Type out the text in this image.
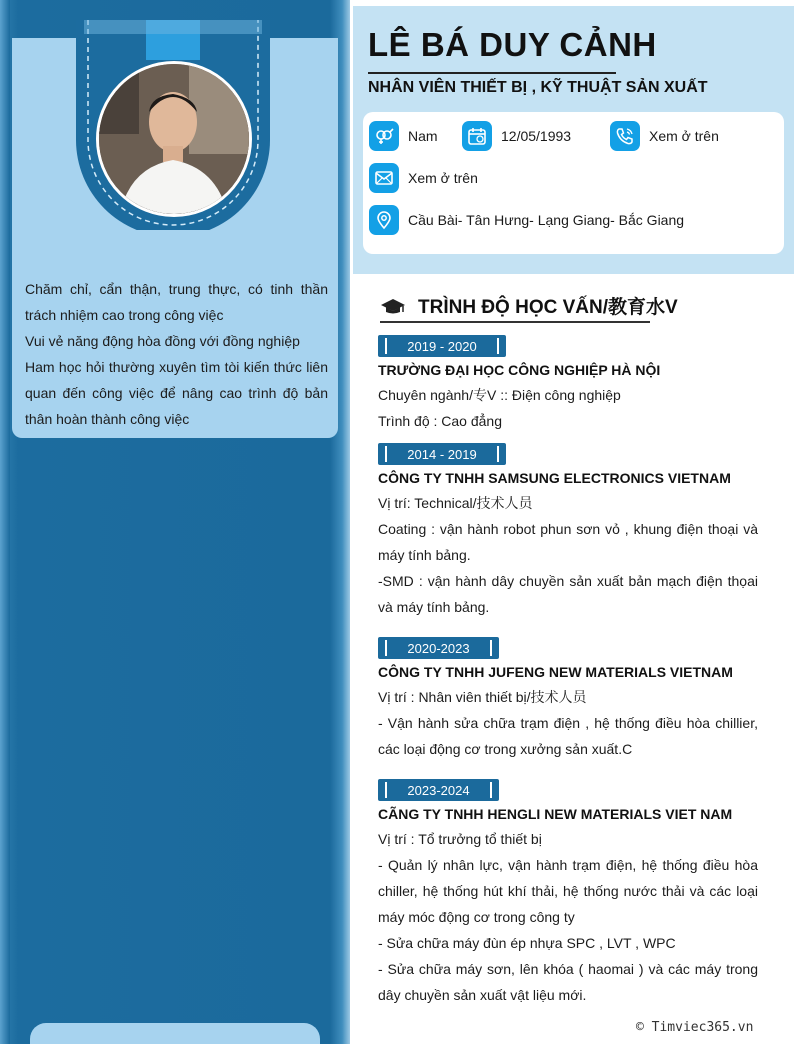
Chăm chỉ, cẩn thận, trung thực, có tinh thần trách nhiệm cao trong công việc

Vui vẻ năng động hòa đồng với đồng nghiệp

Ham học hỏi thường xuyên tìm tòi kiến thức liên quan đến công việc để nâng cao trình độ bản thân hoàn thành công việc

LÊ BÁ DUY CẢNH
NHÂN VIÊN THIẾT BỊ , KỸ THUẬT SẢN XUẤT
Nam	12/05/1993	Xem ở trên
Xem ở trên
Cầu Bài- Tân Hưng- Lạng Giang- Bắc Giang
TRÌNH ĐỘ HỌC VẤN/教育水V
2019 - 2020
TRƯỜNG ĐẠI HỌC CÔNG NGHIỆP HÀ NỘI
Chuyên ngành/专V :: Điện công nghiệp
Trình độ : Cao đẳng
2014 - 2019
CÔNG TY TNHH SAMSUNG ELECTRONICS VIETNAM
Vị trí: Technical/技术人员
Coating : vận hành robot phun sơn vỏ , khung điện thoại và máy tính bảng.
-SMD : vận hành dây chuyền sản xuất bản mạch điện thọai và máy tính bảng.
2020-2023
CÔNG TY TNHH JUFENG NEW MATERIALS VIETNAM
Vị trí : Nhân viên thiết bị/技术人员
- Vận hành sửa chữa trạm điện , hệ thống điều hòa chillier, các loại động cơ trong xưởng sản xuất.C
2023-2024
CÃNG TY TNHH HENGLI NEW MATERIALS VIET NAM
Vị trí : Tổ trưởng tổ thiết bị
- Quản lý nhân lực, vận hành trạm điện, hệ thống điều hòa chiller, hệ thống hút khí thải, hệ thống nước thải và các loại máy móc động cơ trong công ty
- Sửa chữa máy đùn ép nhựa SPC , LVT , WPC
- Sửa chữa máy sơn, lên khóa ( haomai ) và các máy trong dây chuyền sản xuất vật liệu mới.
© Timviec365.vn
